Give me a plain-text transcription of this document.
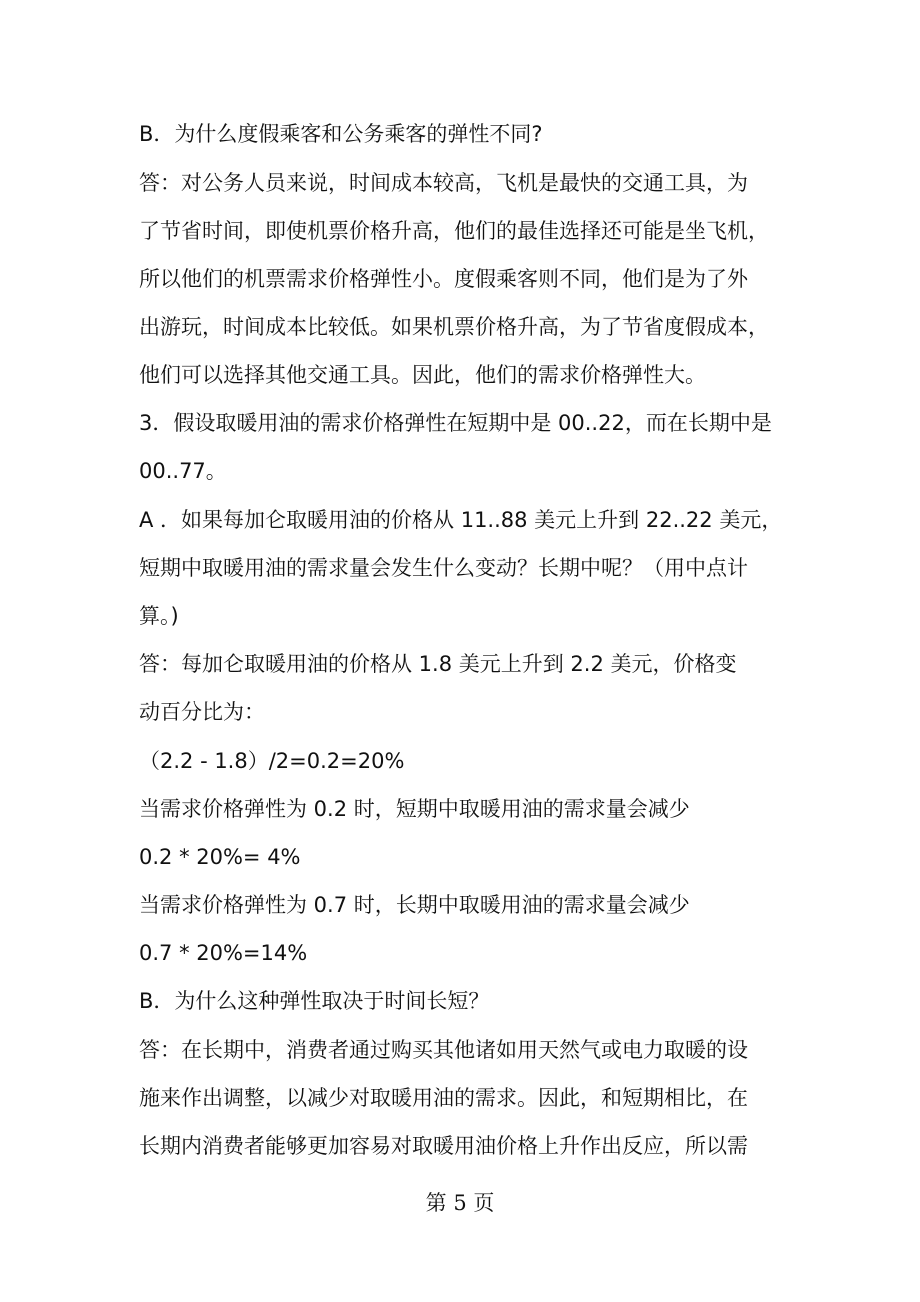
B．为什么度假乘客和公务乘客的弹性不同?
答：对公务人员来说，时间成本较高，飞机是最快的交通工具，为
了节省时间，即使机票价格升高，他们的最佳选择还可能是坐飞机，
所以他们的机票需求价格弹性小。度假乘客则不同，他们是为了外
出游玩，时间成本比较低。如果机票价格升高，为了节省度假成本，
他们可以选择其他交通工具。因此，他们的需求价格弹性大。
3．假设取暖用油的需求价格弹性在短期中是 00..22，而在长期中是
00..77。
A ．如果每加仑取暖用油的价格从 11..88 美元上升到 22..22 美元，
短期中取暖用油的需求量会发生什么变动？长期中呢？（用中点计
算。)
答：每加仑取暖用油的价格从 1.8 美元上升到 2.2 美元，价格变
动百分比为：
（2.2 - 1.8）/2=0.2=20%
当需求价格弹性为 0.2 时，短期中取暖用油的需求量会减少
0.2 * 20%= 4%
当需求价格弹性为 0.7 时，长期中取暖用油的需求量会减少
0.7 * 20%=14%
B．为什么这种弹性取决于时间长短？
答：在长期中，消费者通过购买其他诸如用天然气或电力取暖的设
施来作出调整，以减少对取暖用油的需求。因此，和短期相比，在
长期内消费者能够更加容易对取暖用油价格上升作出反应，所以需
第 5 页
